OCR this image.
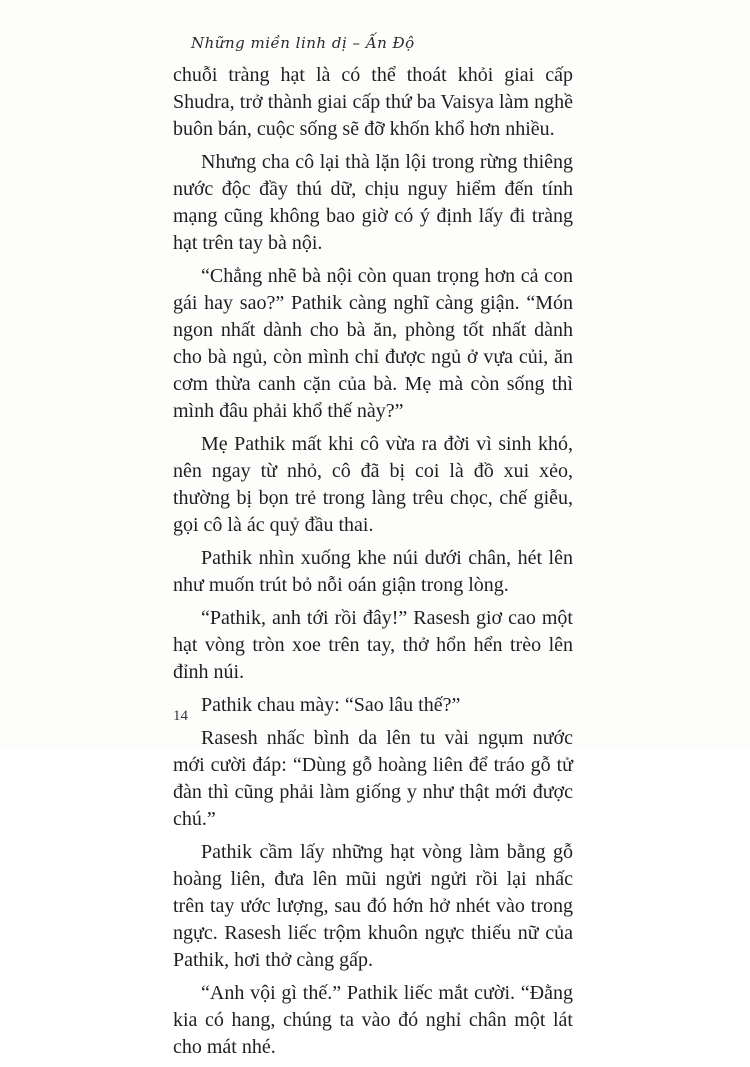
Những miền linh dị – Ấn Độ

chuỗi tràng hạt là có thể thoát khỏi giai cấp Shudra, trở thành giai cấp thứ ba Vaisya làm nghề buôn bán, cuộc sống sẽ đỡ khốn khổ hơn nhiều.

Nhưng cha cô lại thà lặn lội trong rừng thiêng nước độc đầy thú dữ, chịu nguy hiểm đến tính mạng cũng không bao giờ có ý định lấy đi tràng hạt trên tay bà nội.

“Chẳng nhẽ bà nội còn quan trọng hơn cả con gái hay sao?” Pathik càng nghĩ càng giận. “Món ngon nhất dành cho bà ăn, phòng tốt nhất dành cho bà ngủ, còn mình chỉ được ngủ ở vựa củi, ăn cơm thừa canh cặn của bà. Mẹ mà còn sống thì mình đâu phải khổ thế này?”

Mẹ Pathik mất khi cô vừa ra đời vì sinh khó, nên ngay từ nhỏ, cô đã bị coi là đồ xui xẻo, thường bị bọn trẻ trong làng trêu chọc, chế giễu, gọi cô là ác quỷ đầu thai.

Pathik nhìn xuống khe núi dưới chân, hét lên như muốn trút bỏ nỗi oán giận trong lòng.

“Pathik, anh tới rồi đây!” Rasesh giơ cao một hạt vòng tròn xoe trên tay, thở hổn hển trèo lên đỉnh núi.

Pathik chau mày: “Sao lâu thế?”

Rasesh nhấc bình da lên tu vài ngụm nước mới cười đáp: “Dùng gỗ hoàng liên để tráo gỗ tử đàn thì cũng phải làm giống y như thật mới được chú.”

Pathik cầm lấy những hạt vòng làm bằng gỗ hoàng liên, đưa lên mũi ngửi ngửi rồi lại nhấc trên tay ước lượng, sau đó hớn hở nhét vào trong ngực. Rasesh liếc trộm khuôn ngực thiếu nữ của Pathik, hơi thở càng gấp.

“Anh vội gì thế.” Pathik liếc mắt cười. “Đằng kia có hang, chúng ta vào đó nghỉ chân một lát cho mát nhé.

14
